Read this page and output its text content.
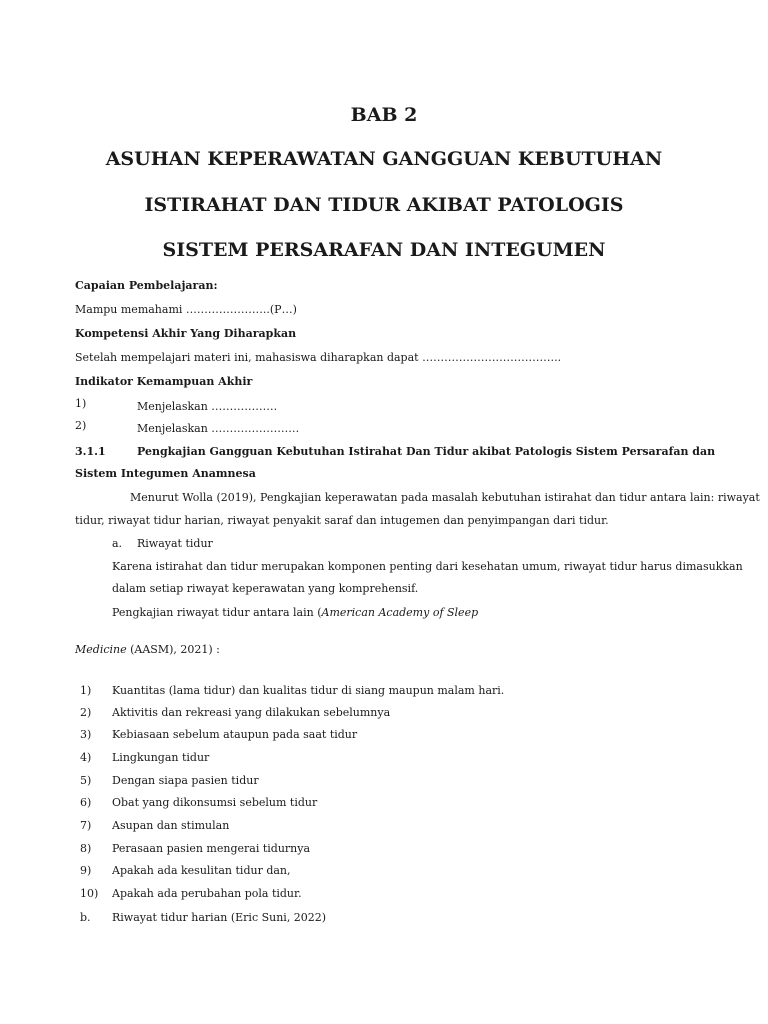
BAB 2
ASUHAN KEPERAWATAN GANGGUAN KEBUTUHAN
ISTIRAHAT DAN TIDUR AKIBAT PATOLOGIS
SISTEM PERSARAFAN DAN INTEGUMEN
Capaian Pembelajaran:
Mampu memahami …………………..(P…)
Kompetensi Akhir Yang Diharapkan
Setelah mempelajari materi ini, mahasiswa diharapkan dapat ………………………………..
Indikator Kemampuan Akhir
1)	Menjelaskan ………………
2)	Menjelaskan ……………………
3.1.1	Pengkajian Gangguan Kebutuhan Istirahat Dan Tidur akibat Patologis Sistem Persarafan dan
Sistem Integumen Anamnesa
Menurut Wolla (2019), Pengkajian keperawatan pada masalah kebutuhan istirahat dan tidur antara lain: riwayat
tidur, riwayat tidur harian, riwayat penyakit saraf dan intugemen dan penyimpangan dari tidur.
a. Riwayat tidur
Karena istirahat dan tidur merupakan komponen penting dari kesehatan umum, riwayat tidur harus dimasukkan
dalam setiap riwayat keperawatan yang komprehensif.
Pengkajian riwayat tidur antara lain (American Academy of Sleep
Medicine (AASM), 2021) :
1) Kuantitas (lama tidur) dan kualitas tidur di siang maupun malam hari.
2) Aktivitis dan rekreasi yang dilakukan sebelumnya
3) Kebiasaan sebelum ataupun pada saat tidur
4) Lingkungan tidur
5) Dengan siapa pasien tidur
6) Obat yang dikonsumsi sebelum tidur
7) Asupan dan stimulan
8) Perasaan pasien mengerai tidurnya
9) Apakah ada kesulitan tidur dan,
10) Apakah ada perubahan pola tidur.
b. Riwayat tidur harian (Eric Suni, 2022)
